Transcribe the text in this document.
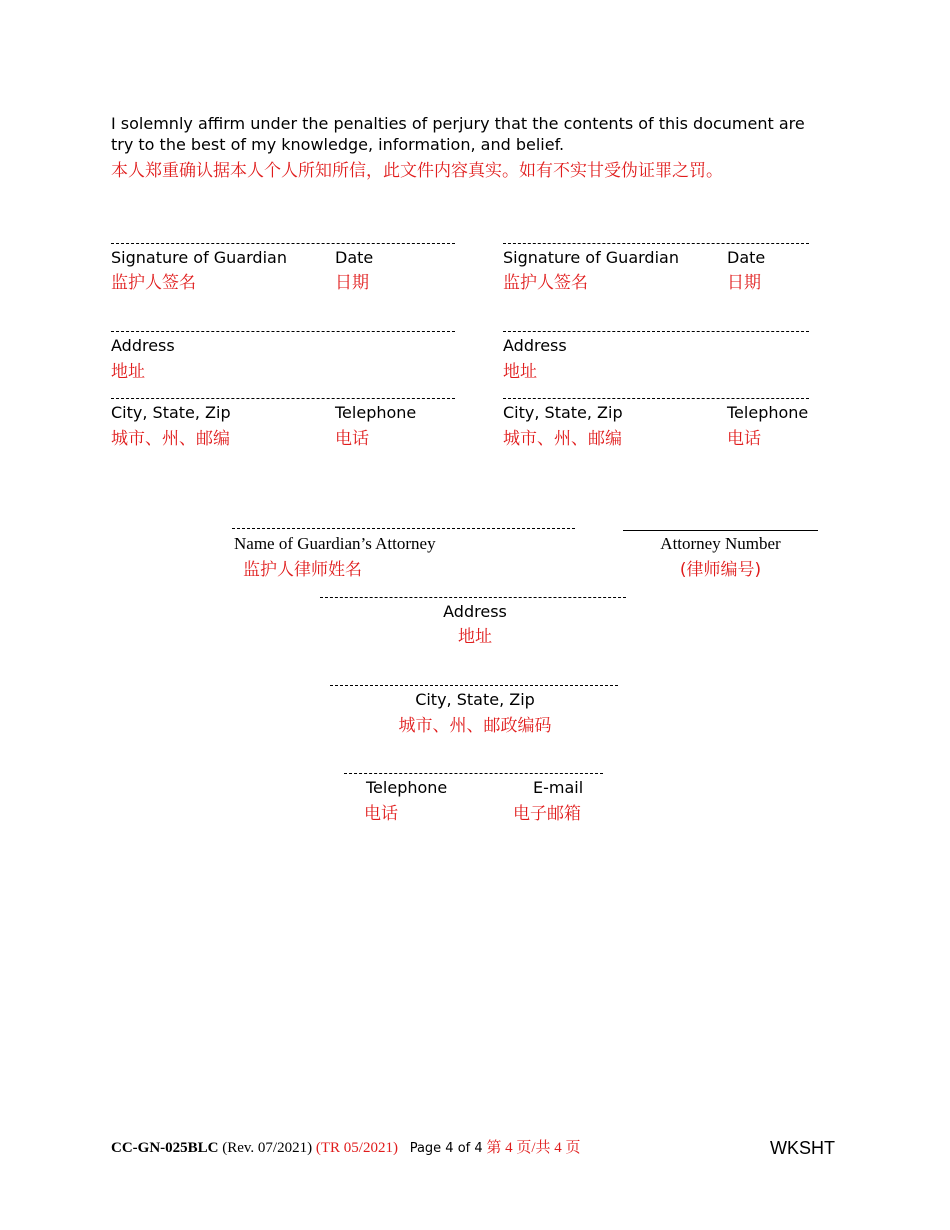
I solemnly affirm under the penalties of perjury that the contents of this document are try to the best of my knowledge, information, and belief.
本人郑重确认据本人个人所知所信，此文件内容真实。如有不实甘受伪证罪之罚。
Signature of Guardian	Date
监护人签名	日期
Address
地址
City, State, Zip	Telephone
城市、州、邮编	电话
Signature of Guardian	Date
监护人签名	日期
Address
地址
City, State, Zip	Telephone
城市、州、邮编	电话
Name of Guardian’s Attorney
监护人律师姓名
Attorney Number
(律师编号)
Address
地址
City, State, Zip
城市、州、邮政编码
Telephone	E-mail
电话	电子邮箱
CC-GN-025BLC (Rev. 07/2021) (TR 05/2021) Page 4 of 4 第 4 页/共 4 页	WKSHT
